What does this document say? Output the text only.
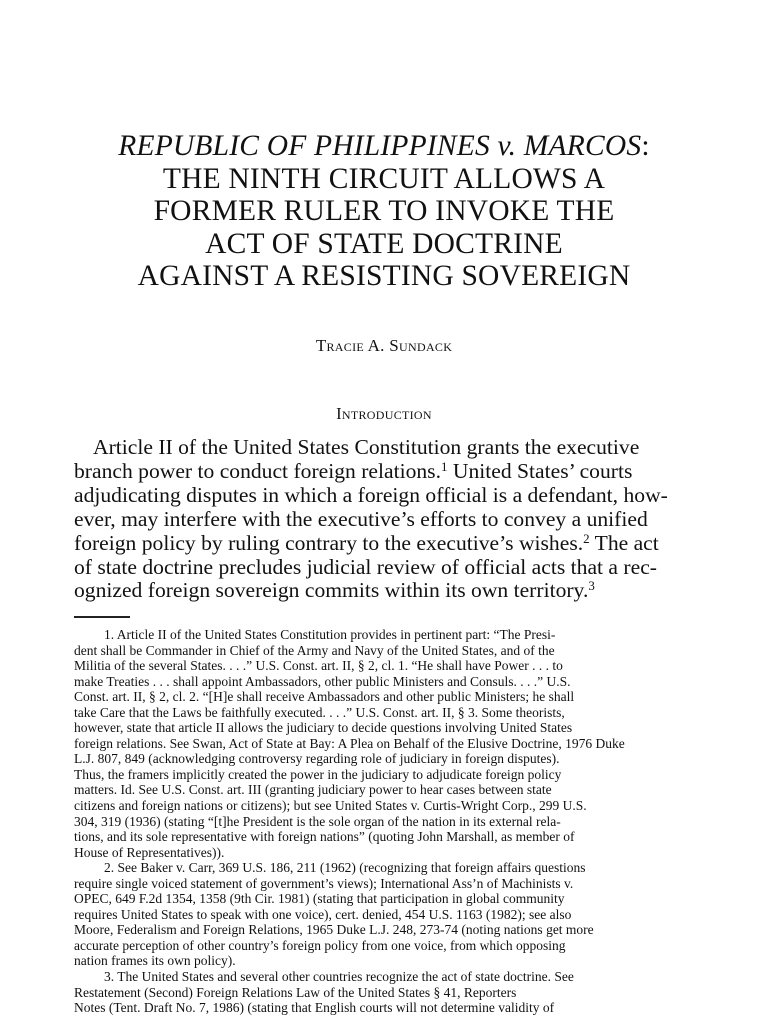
REPUBLIC OF PHILIPPINES v. MARCOS:
THE NINTH CIRCUIT ALLOWS A
FORMER RULER TO INVOKE THE
ACT OF STATE DOCTRINE
AGAINST A RESISTING SOVEREIGN
Tracie A. Sundack
Introduction
Article II of the United States Constitution grants the executive
branch power to conduct foreign relations.$^1$ United States’ courts
adjudicating disputes in which a foreign official is a defendant, how-
ever, may interfere with the executive’s efforts to convey a unified
foreign policy by ruling contrary to the executive’s wishes.$^2$ The act
of state doctrine precludes judicial review of official acts that a rec-
ognized foreign sovereign commits within its own territory.$^3$
1. Article II of the United States Constitution provides in pertinent part: “The Presi-
dent shall be Commander in Chief of the Army and Navy of the United States, and of the
Militia of the several States. . . .” U.S. Const. art. II, § 2, cl. 1. “He shall have Power . . . to
make Treaties . . . shall appoint Ambassadors, other public Ministers and Consuls. . . .” U.S.
Const. art. II, § 2, cl. 2. “[H]e shall receive Ambassadors and other public Ministers; he shall
take Care that the Laws be faithfully executed. . . .” U.S. Const. art. II, § 3. Some theorists,
however, state that article II allows the judiciary to decide questions involving United States
foreign relations. See Swan, Act of State at Bay: A Plea on Behalf of the Elusive Doctrine, 1976 Duke
L.J. 807, 849 (acknowledging controversy regarding role of judiciary in foreign disputes).
Thus, the framers implicitly created the power in the judiciary to adjudicate foreign policy
matters. Id. See U.S. Const. art. III (granting judiciary power to hear cases between state
citizens and foreign nations or citizens); but see United States v. Curtis-Wright Corp., 299 U.S.
304, 319 (1936) (stating “[t]he President is the sole organ of the nation in its external rela-
tions, and its sole representative with foreign nations” (quoting John Marshall, as member of
House of Representatives)).
2. See Baker v. Carr, 369 U.S. 186, 211 (1962) (recognizing that foreign affairs questions
require single voiced statement of government’s views); International Ass’n of Machinists v.
OPEC, 649 F.2d 1354, 1358 (9th Cir. 1981) (stating that participation in global community
requires United States to speak with one voice), cert. denied, 454 U.S. 1163 (1982); see also
Moore, Federalism and Foreign Relations, 1965 Duke L.J. 248, 273-74 (noting nations get more
accurate perception of other country’s foreign policy from one voice, from which opposing
nation frames its own policy).
3. The United States and several other countries recognize the act of state doctrine. See
Restatement (Second) Foreign Relations Law of the United States § 41, Reporters
Notes (Tent. Draft No. 7, 1986) (stating that English courts will not determine validity of
